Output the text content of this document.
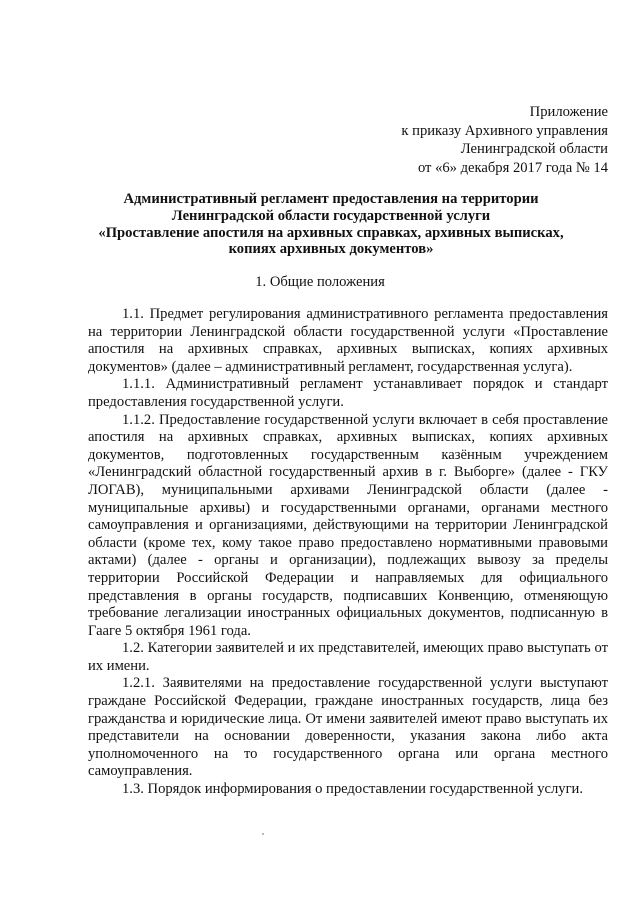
Приложение
к приказу Архивного управления
Ленинградской области
от «6» декабря 2017 года № 14
Административный регламент предоставления на территории
Ленинградской области государственной услуги
«Проставление апостиля на архивных справках, архивных выписках,
копиях архивных документов»
1. Общие положения

1.1. Предмет регулирования административного регламента предоставления на территории Ленинградской области государственной услуги «Проставление апостиля на архивных справках, архивных выписках, копиях архивных документов» (далее – административный регламент, государственная услуга).

1.1.1. Административный регламент устанавливает порядок и стандарт предоставления государственной услуги.

1.1.2. Предоставление государственной услуги включает в себя проставление апостиля на архивных справках, архивных выписках, копиях архивных документов, подготовленных государственным казённым учреждением «Ленинградский областной государственный архив в г. Выборге» (далее - ГКУ ЛОГАВ), муниципальными архивами Ленинградской области (далее - муниципальные архивы) и государственными органами, органами местного самоуправления и организациями, действующими на территории Ленинградской области (кроме тех, кому такое право предоставлено нормативными правовыми актами) (далее - органы и организации), подлежащих вывозу за пределы территории Российской Федерации и направляемых для официального представления в органы государств, подписавших Конвенцию, отменяющую требование легализации иностранных официальных документов, подписанную в Гааге 5 октября 1961 года.

1.2. Категории заявителей и их представителей, имеющих право выступать от их имени.

1.2.1. Заявителями на предоставление государственной услуги выступают граждане Российской Федерации, граждане иностранных государств, лица без гражданства и юридические лица. От имени заявителей имеют право выступать их представители на основании доверенности, указания закона либо акта уполномоченного на то государственного органа или органа местного самоуправления.

1.3. Порядок информирования о предоставлении государственной услуги.
